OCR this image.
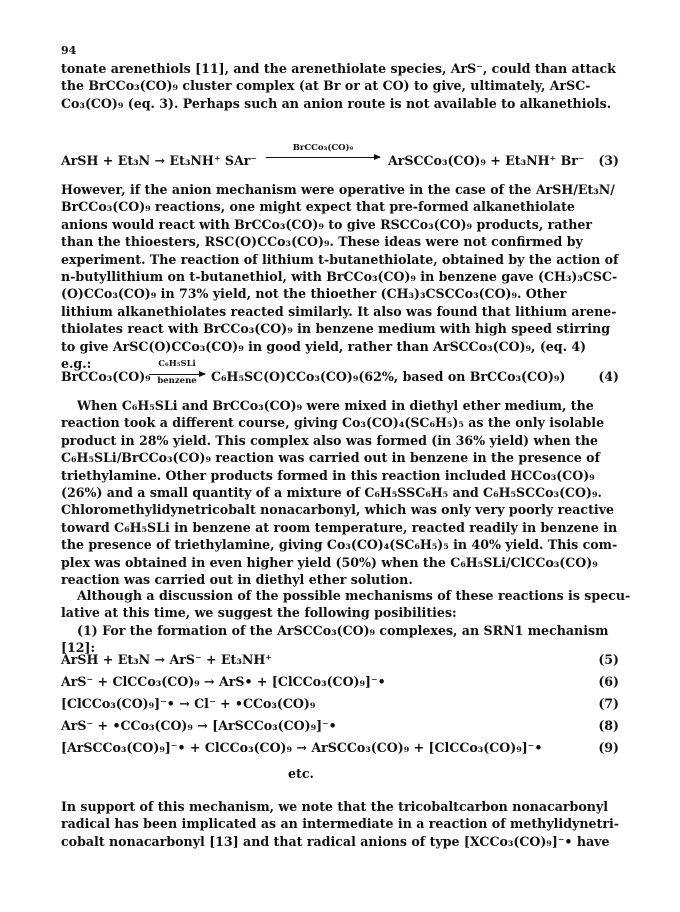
94

tonate arenethiols [11], and the arenethiolate species, ArS⁻, could than attack
the BrCCo₃(CO)₉ cluster complex (at Br or at CO) to give, ultimately, ArSC-
Co₃(CO)₉ (eq. 3). Perhaps such an anion route is not available to alkanethiols.

ArSH + Et₃N → Et₃NH⁺ SAr⁻
BrCCo₃(CO)₉
ArSCCo₃(CO)₉ + Et₃NH⁺ Br⁻ (3)

However, if the anion mechanism were operative in the case of the ArSH/Et₃N/
BrCCo₃(CO)₉ reactions, one might expect that pre-formed alkanethiolate
anions would react with BrCCo₃(CO)₉ to give RSCCo₃(CO)₉ products, rather
than the thioesters, RSC(O)CCo₃(CO)₉. These ideas were not confirmed by
experiment. The reaction of lithium t-butanethiolate, obtained by the action of
n-butyllithium on t-butanethiol, with BrCCo₃(CO)₉ in benzene gave (CH₃)₃CSC-
(O)CCo₃(CO)₉ in 73% yield, not the thioether (CH₃)₃CSCCo₃(CO)₉. Other
lithium alkanethiolates reacted similarly. It also was found that lithium arene-
thiolates react with BrCCo₃(CO)₉ in benzene medium with high speed stirring
to give ArSC(O)CCo₃(CO)₉ in good yield, rather than ArSCCo₃(CO)₉, (eq. 4)
e.g.:

BrCCo₃(CO)₉
C₆H₅SLi
benzene	C₆H₅SC(O)CCo₃(CO)₉(62%, based on BrCCo₃(CO)₉)	(4)

When C₆H₅SLi and BrCCo₃(CO)₉ were mixed in diethyl ether medium, the
reaction took a different course, giving Co₃(CO)₄(SC₆H₅)₅ as the only isolable
product in 28% yield. This complex also was formed (in 36% yield) when the
C₆H₅SLi/BrCCo₃(CO)₉ reaction was carried out in benzene in the presence of
triethylamine. Other products formed in this reaction included HCCo₃(CO)₉
(26%) and a small quantity of a mixture of C₆H₅SSC₆H₅ and C₆H₅SCCo₃(CO)₉.
Chloromethylidynetricobalt nonacarbonyl, which was only very poorly reactive
toward C₆H₅SLi in benzene at room temperature, reacted readily in benzene in
the presence of triethylamine, giving Co₃(CO)₄(SC₆H₅)₅ in 40% yield. This com-
plex was obtained in even higher yield (50%) when the C₆H₅SLi/ClCCo₃(CO)₉
reaction was carried out in diethyl ether solution.

Although a discussion of the possible mechanisms of these reactions is specu-
lative at this time, we suggest the following posibilities:
(1) For the formation of the ArSCCo₃(CO)₉ complexes, an SRN1 mechanism
[12]:

ArSH + Et₃N → ArS⁻ + Et₃NH⁺	(5)
ArS⁻ + ClCCo₃(CO)₉ → ArS• + [ClCCo₃(CO)₉]⁻•	(6)
[ClCCo₃(CO)₉]⁻• → Cl⁻ + •CCo₃(CO)₉	(7)
ArS⁻ + •CCo₃(CO)₉ → [ArSCCo₃(CO)₉]⁻•	(8)
[ArSCCo₃(CO)₉]⁻• + ClCCo₃(CO)₉ → ArSCCo₃(CO)₉ + [ClCCo₃(CO)₉]⁻•	(9)
etc.

In support of this mechanism, we note that the tricobaltcarbon nonacarbonyl
radical has been implicated as an intermediate in a reaction of methylidynetri-
cobalt nonacarbonyl [13] and that radical anions of type [XCCo₃(CO)₉]⁻• have
